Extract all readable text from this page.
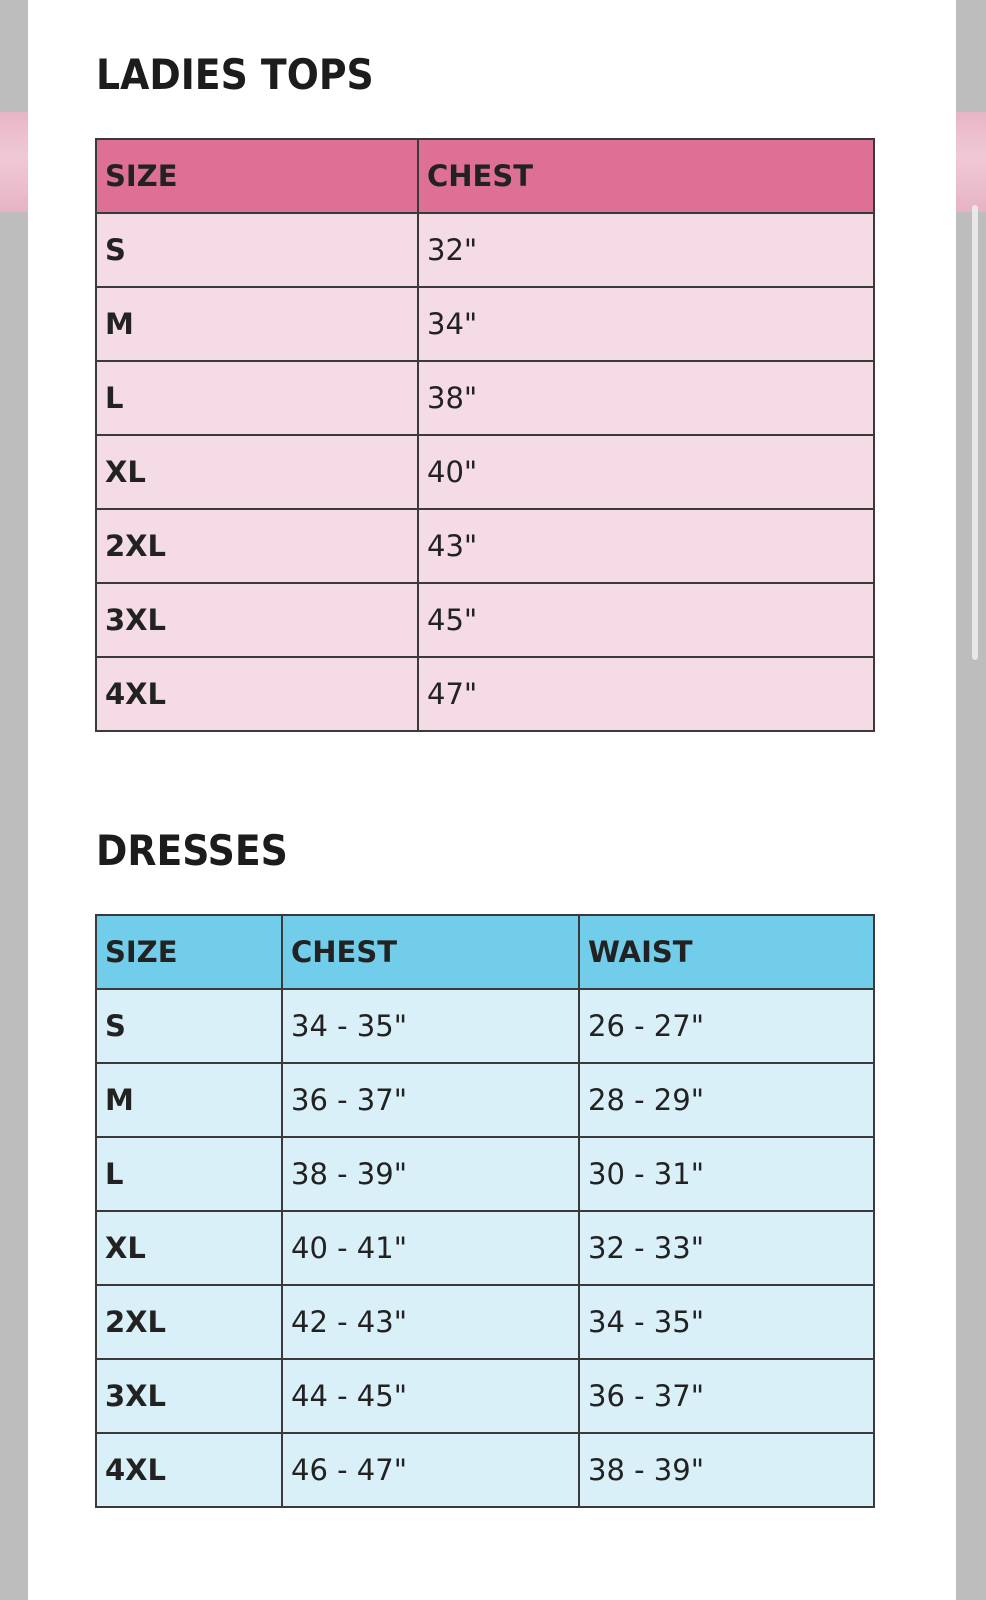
LADIES TOPS
SIZE	CHEST
S	32"
M	34"
L	38"
XL	40"
2XL	43"
3XL	45"
4XL	47"
DRESSES
SIZE	CHEST	WAIST
S	34 - 35"	26 - 27"
M	36 - 37"	28 - 29"
L	38 - 39"	30 - 31"
XL	40 - 41"	32 - 33"
2XL	42 - 43"	34 - 35"
3XL	44 - 45"	36 - 37"
4XL	46 - 47"	38 - 39"
